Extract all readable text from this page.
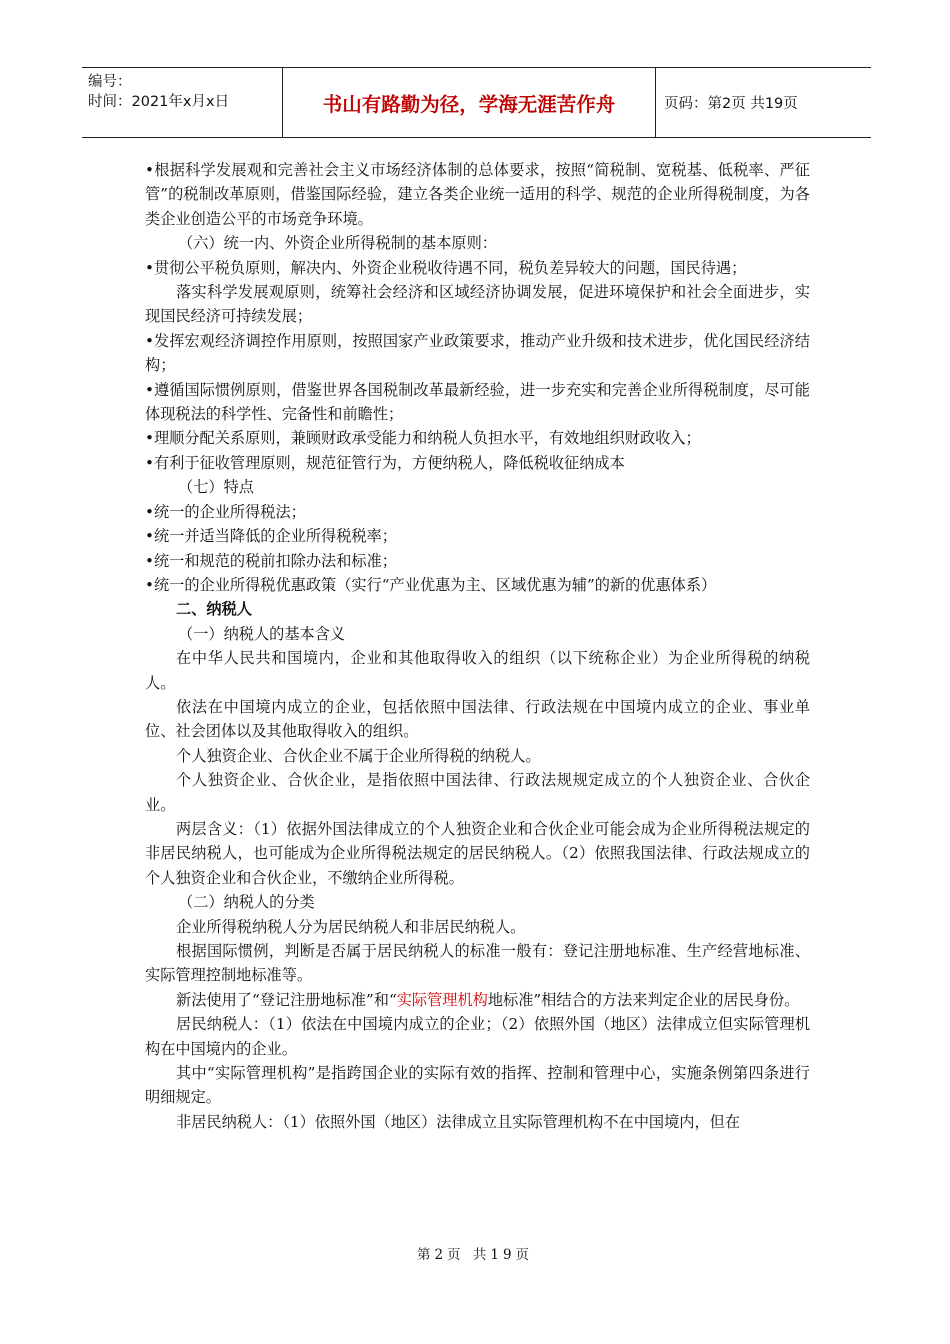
编号：
时间：2021年x月x日	书山有路勤为径，学海无涯苦作舟	页码：第2页 共19页

•根据科学发展观和完善社会主义市场经济体制的总体要求，按照“简税制、宽税基、低税率、严征管”的税制改革原则，借鉴国际经验，建立各类企业统一适用的科学、规范的企业所得税制度，为各类企业创造公平的市场竞争环境。

（六）统一内、外资企业所得税制的基本原则：

•贯彻公平税负原则，解决内、外资企业税收待遇不同，税负差异较大的问题，国民待遇；

落实科学发展观原则，统筹社会经济和区域经济协调发展，促进环境保护和社会全面进步，实现国民经济可持续发展；

•发挥宏观经济调控作用原则，按照国家产业政策要求，推动产业升级和技术进步，优化国民经济结构；

•遵循国际惯例原则，借鉴世界各国税制改革最新经验，进一步充实和完善企业所得税制度，尽可能体现税法的科学性、完备性和前瞻性；

•理顺分配关系原则，兼顾财政承受能力和纳税人负担水平，有效地组织财政收入；

•有利于征收管理原则，规范征管行为，方便纳税人，降低税收征纳成本

（七）特点

•统一的企业所得税法；

•统一并适当降低的企业所得税税率；

•统一和规范的税前扣除办法和标准；

•统一的企业所得税优惠政策（实行“产业优惠为主、区域优惠为辅”的新的优惠体系）

二、纳税人

（一）纳税人的基本含义

在中华人民共和国境内，企业和其他取得收入的组织（以下统称企业）为企业所得税的纳税人。

依法在中国境内成立的企业，包括依照中国法律、行政法规在中国境内成立的企业、事业单位、社会团体以及其他取得收入的组织。

个人独资企业、合伙企业不属于企业所得税的纳税人。

个人独资企业、合伙企业，是指依照中国法律、行政法规规定成立的个人独资企业、合伙企业。

两层含义：（1）依据外国法律成立的个人独资企业和合伙企业可能会成为企业所得税法规定的非居民纳税人，也可能成为企业所得税法规定的居民纳税人。（2）依照我国法律、行政法规成立的个人独资企业和合伙企业，不缴纳企业所得税。

（二）纳税人的分类

企业所得税纳税人分为居民纳税人和非居民纳税人。

根据国际惯例，判断是否属于居民纳税人的标准一般有：登记注册地标准、生产经营地标准、实际管理控制地标准等。

新法使用了“登记注册地标准”和“实际管理机构地标准”相结合的方法来判定企业的居民身份。

居民纳税人：（1）依法在中国境内成立的企业；（2）依照外国（地区）法律成立但实际管理机构在中国境内的企业。

其中“实际管理机构”是指跨国企业的实际有效的指挥、控制和管理中心，实施条例第四条进行明细规定。

非居民纳税人：（1）依照外国（地区）法律成立且实际管理机构不在中国境内，但在

第2页 共19页
